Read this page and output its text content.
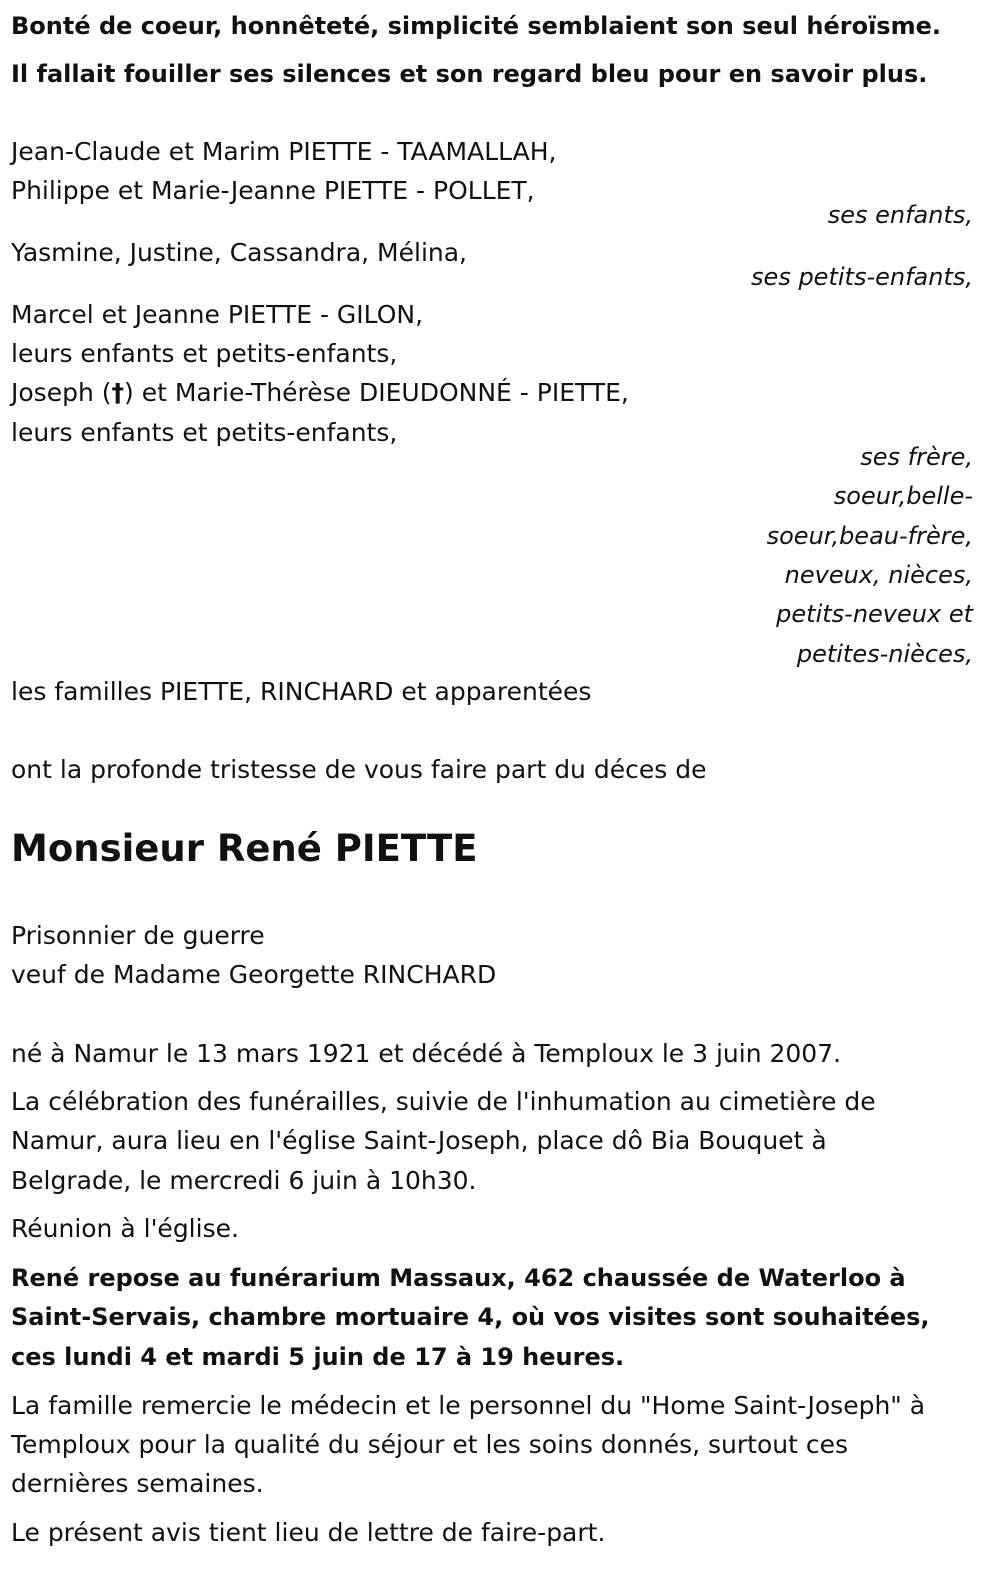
Bonté de coeur, honnêteté, simplicité semblaient son seul héroïsme.

Il fallait fouiller ses silences et son regard bleu pour en savoir plus.

Jean-Claude et Marim PIETTE - TAAMALLAH,

Philippe et Marie-Jeanne PIETTE - POLLET,

ses enfants,

Yasmine, Justine, Cassandra, Mélina,

ses petits-enfants,

Marcel et Jeanne PIETTE - GILON,

leurs enfants et petits-enfants,

Joseph (†) et Marie-Thérèse DIEUDONNÉ - PIETTE,

leurs enfants et petits-enfants,

ses frère,
soeur,belle-
soeur,beau-frère,
neveux, nièces,
petits-neveux et
petites-nièces,

les familles PIETTE, RINCHARD et apparentées

ont la profonde tristesse de vous faire part du déces de

Monsieur René PIETTE

Prisonnier de guerre

veuf de Madame Georgette RINCHARD

né à Namur le 13 mars 1921 et décédé à Temploux le 3 juin 2007.

La célébration des funérailles, suivie de l'inhumation au cimetière de

Namur, aura lieu en l'église Saint-Joseph, place dô Bia Bouquet à

Belgrade, le mercredi 6 juin à 10h30.

Réunion à l'église.

René repose au funérarium Massaux, 462 chaussée de Waterloo à

Saint-Servais, chambre mortuaire 4, où vos visites sont souhaitées,

ces lundi 4 et mardi 5 juin de 17 à 19 heures.

La famille remercie le médecin et le personnel du "Home Saint-Joseph" à

Temploux pour la qualité du séjour et les soins donnés, surtout ces

dernières semaines.

Le présent avis tient lieu de lettre de faire-part.
